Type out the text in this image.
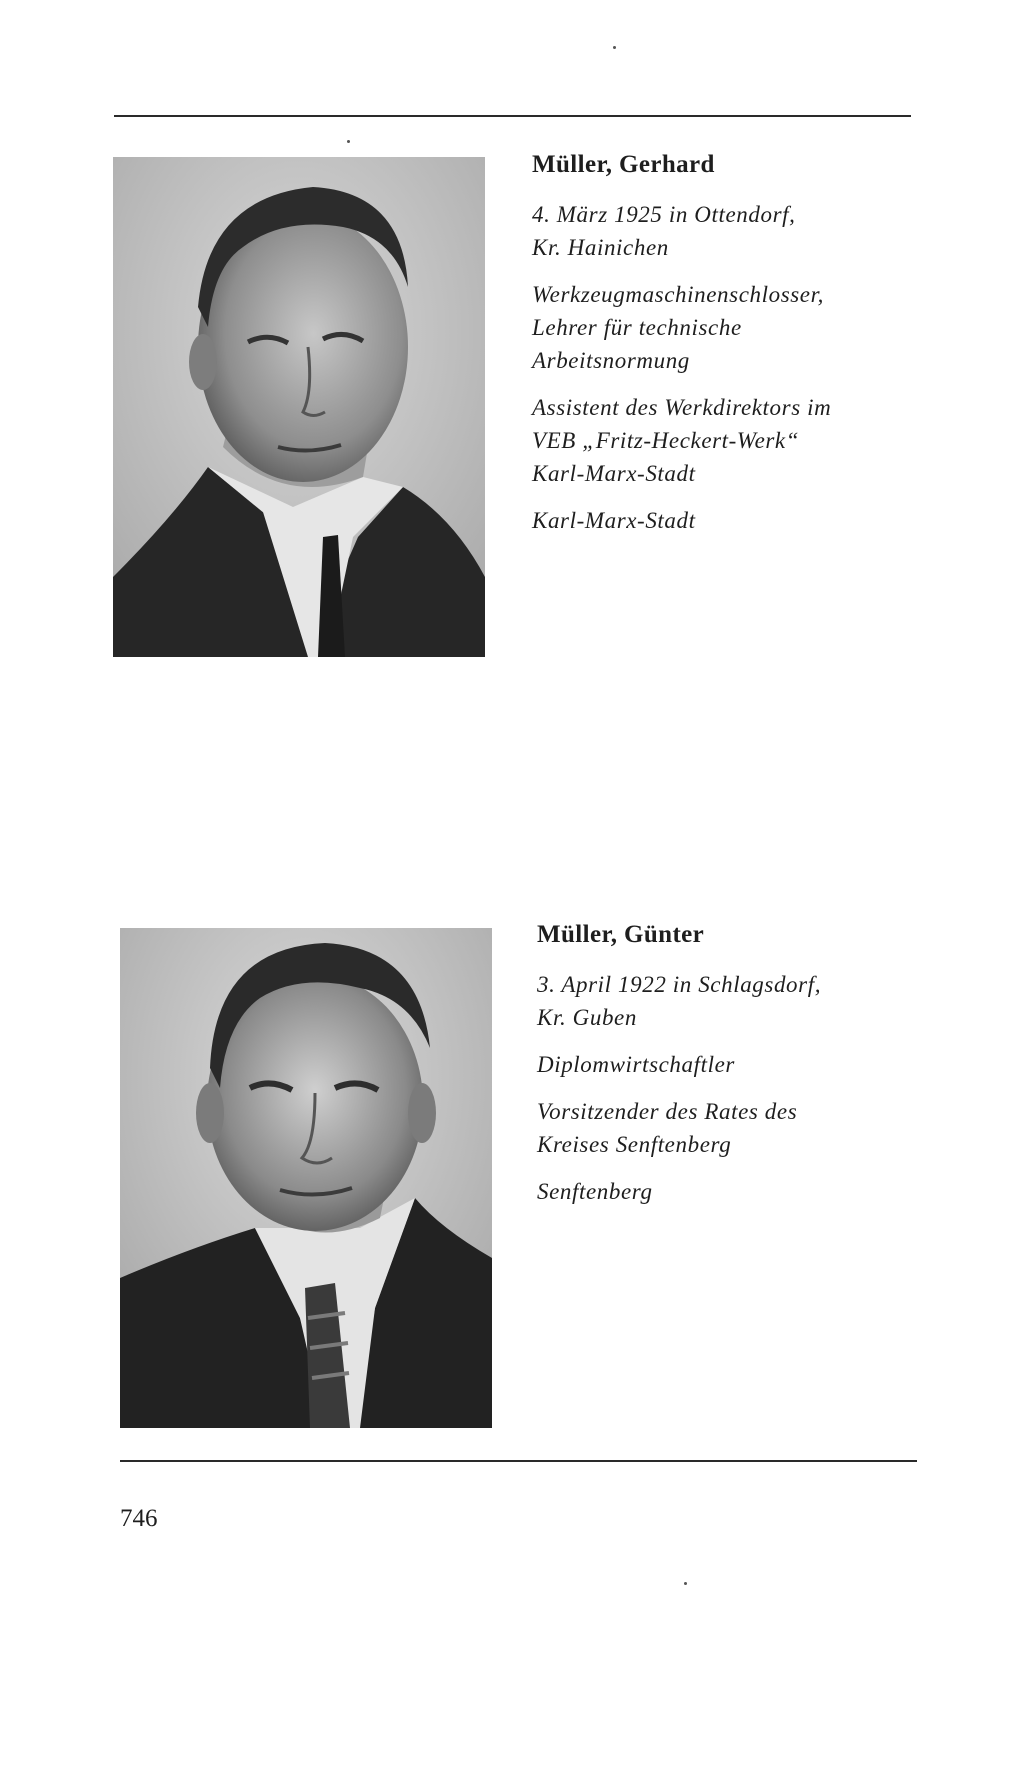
Müller, Gerhard
4. März 1925 in Ottendorf,
Kr. Hainichen
Werkzeugmaschinenschlosser,
Lehrer für technische
Arbeitsnormung
Assistent des Werkdirektors im
VEB „Fritz-Heckert-Werk“
Karl-Marx-Stadt
Karl-Marx-Stadt
Müller, Günter
3. April 1922 in Schlagsdorf,
Kr. Guben
Diplomwirtschaftler
Vorsitzender des Rates des
Kreises Senftenberg
Senftenberg
746
